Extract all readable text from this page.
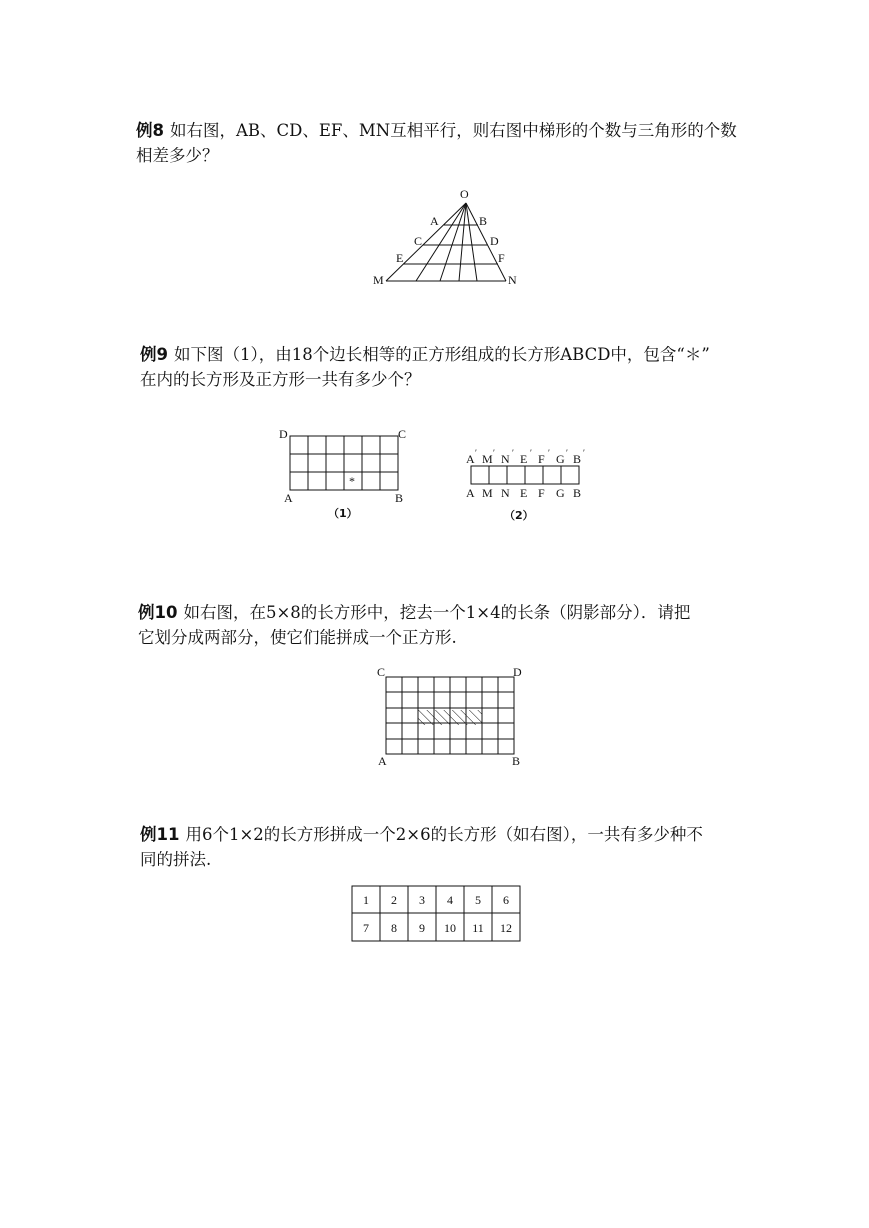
例8 如右图，AB、CD、EF、MN互相平行，则右图中梯形的个数与三角形的个数
相差多少？
O
A	B
C	D
E	F
M	N
例9 如下图（1），由18个边长相等的正方形组成的长方形ABCD中，包含“＊”
在内的长方形及正方形一共有多少个？
*
D	C
A	B
（1）
A M N E F G B
′ ′ ′ ′ ′ ′ ′
A M N E F G B
（2）
例10 如右图，在5×8的长方形中，挖去一个1×4的长条（阴影部分）．请把
它划分成两部分，使它们能拼成一个正方形.
C	D
A	B
例11 用6个1×2的长方形拼成一个2×6的长方形（如右图），一共有多少种不
同的拼法.
1 2 3 4 5 6
7 8 9 10 11 12
